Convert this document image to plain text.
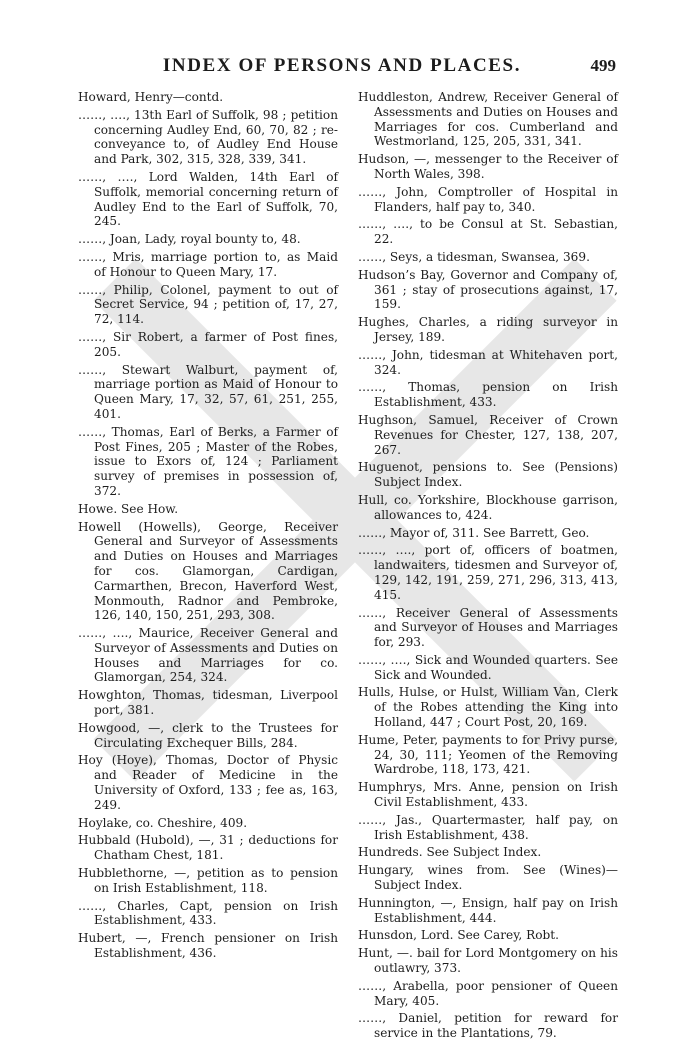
INDEX OF PERSONS AND PLACES.	499

Howard, Henry—contd.

……, …., 13th Earl of Suffolk, 98 ; petition concerning Audley End, 60, 70, 82 ; re-conveyance to, of Audley End House and Park, 302, 315, 328, 339, 341.

……, …., Lord Walden, 14th Earl of Suffolk, memorial concerning return of Audley End to the Earl of Suffolk, 70, 245.

……, Joan, Lady, royal bounty to, 48.

……, Mris, marriage portion to, as Maid of Honour to Queen Mary, 17.

……, Philip, Colonel, payment to out of Secret Service, 94 ; petition of, 17, 27, 72, 114.

……, Sir Robert, a farmer of Post fines, 205.

……, Stewart Walburt, payment of, marriage portion as Maid of Honour to Queen Mary, 17, 32, 57, 61, 251, 255, 401.

……, Thomas, Earl of Berks, a Farmer of Post Fines, 205 ; Master of the Robes, issue to Exors of, 124 ; Parliament survey of premises in possession of, 372.

Howe. See How.

Howell (Howells), George, Receiver General and Surveyor of Assessments and Duties on Houses and Marriages for cos. Glamorgan, Cardigan, Carmarthen, Brecon, Haverford West, Monmouth, Radnor and Pembroke, 126, 140, 150, 251, 293, 308.

……, …., Maurice, Receiver General and Surveyor of Assessments and Duties on Houses and Marriages for co. Glamorgan, 254, 324.

Howghton, Thomas, tidesman, Liverpool port, 381.

Howgood, —, clerk to the Trustees for Circulating Exchequer Bills, 284.

Hoy (Hoye), Thomas, Doctor of Physic and Reader of Medicine in the University of Oxford, 133 ; fee as, 163, 249.

Hoylake, co. Cheshire, 409.

Hubbald (Hubold), —, 31 ; deductions for Chatham Chest, 181.

Hubblethorne, —, petition as to pension on Irish Establishment, 118.

……, Charles, Capt, pension on Irish Establishment, 433.

Hubert, —, French pensioner on Irish Establishment, 436.

Huddleston, Andrew, Receiver General of Assessments and Duties on Houses and Marriages for cos. Cumberland and Westmorland, 125, 205, 331, 341.

Hudson, —, messenger to the Receiver of North Wales, 398.

……, John, Comptroller of Hospital in Flanders, half pay to, 340.

……, …., to be Consul at St. Sebastian, 22.

……, Seys, a tidesman, Swansea, 369.

Hudson’s Bay, Governor and Company of, 361 ; stay of prosecutions against, 17, 159.

Hughes, Charles, a riding surveyor in Jersey, 189.

……, John, tidesman at Whitehaven port, 324.

……, Thomas, pension on Irish Establishment, 433.

Hughson, Samuel, Receiver of Crown Revenues for Chester, 127, 138, 207, 267.

Huguenot, pensions to. See (Pensions) Subject Index.

Hull, co. Yorkshire, Blockhouse garrison, allowances to, 424.

……, Mayor of, 311. See Barrett, Geo.

……, …., port of, officers of boatmen, landwaiters, tidesmen and Surveyor of, 129, 142, 191, 259, 271, 296, 313, 413, 415.

……, Receiver General of Assessments and Surveyor of Houses and Marriages for, 293.

……, …., Sick and Wounded quarters. See Sick and Wounded.

Hulls, Hulse, or Hulst, William Van, Clerk of the Robes attending the King into Holland, 447 ; Court Post, 20, 169.

Hume, Peter, payments to for Privy purse, 24, 30, 111; Yeomen of the Removing Wardrobe, 118, 173, 421.

Humphrys, Mrs. Anne, pension on Irish Civil Establishment, 433.

……, Jas., Quartermaster, half pay, on Irish Establishment, 438.

Hundreds. See Subject Index.

Hungary, wines from. See (Wines)—Subject Index.

Hunnington, —, Ensign, half pay on Irish Establishment, 444.

Hunsdon, Lord. See Carey, Robt.

Hunt, —. bail for Lord Montgomery on his outlawry, 373.

……, Arabella, poor pensioner of Queen Mary, 405.

……, Daniel, petition for reward for service in the Plantations, 79.
